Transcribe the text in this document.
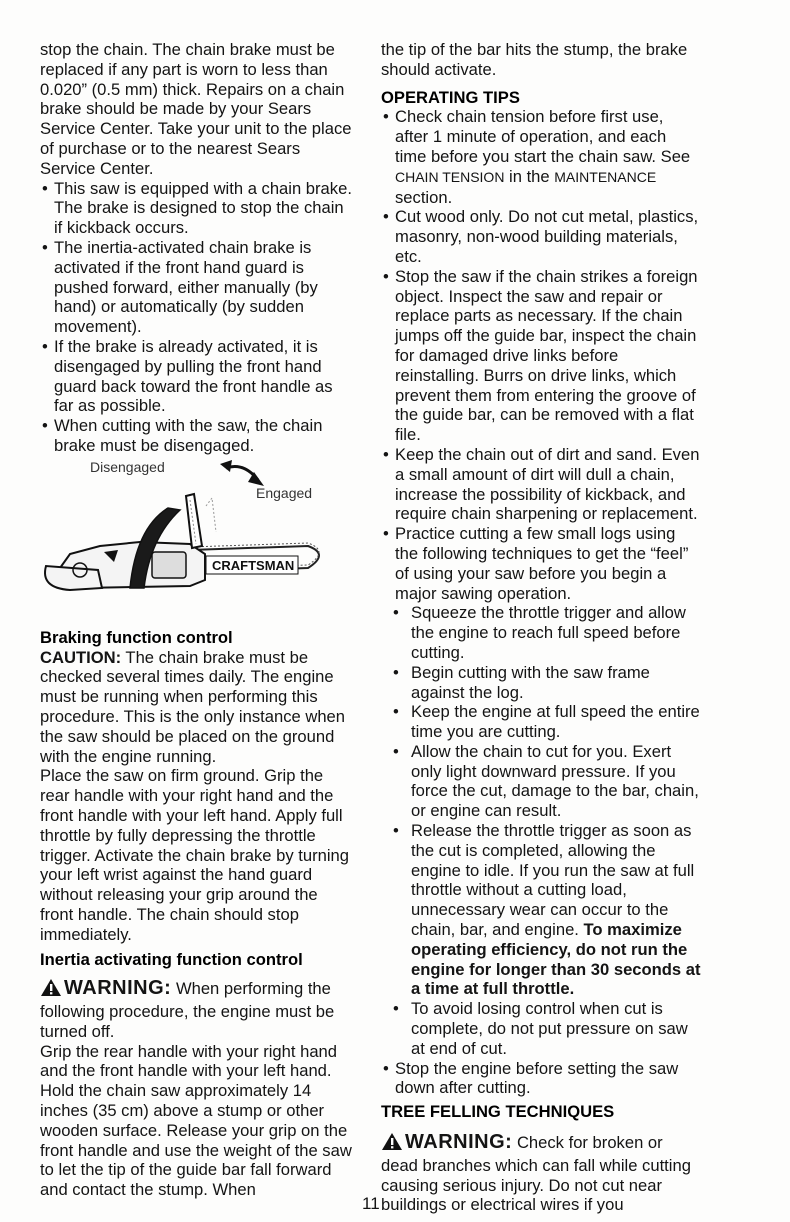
stop the chain. The chain brake must be replaced if any part is worn to less than 0.020” (0.5 mm) thick. Repairs on a chain brake should be made by your Sears Service Center. Take your unit to the place of purchase or to the nearest Sears Service Center.

• This saw is equipped with a chain brake. The brake is designed to stop the chain if kickback occurs.
• The inertia-activated chain brake is activated if the front hand guard is pushed forward, either manually (by hand) or automatically (by sudden movement).
• If the brake is already activated, it is disengaged by pulling the front hand guard back toward the front handle as far as possible.
• When cutting with the saw, the chain brake must be disengaged.
Disengaged
Engaged
CRAFTSMAN

Braking function control

CAUTION: The chain brake must be checked several times daily. The engine must be running when performing this procedure. This is the only instance when the saw should be placed on the ground with the engine running.

Place the saw on firm ground. Grip the rear handle with your right hand and the front handle with your left hand. Apply full throttle by fully depressing the throttle trigger. Activate the chain brake by turning your left wrist against the hand guard without releasing your grip around the front handle. The chain should stop immediately.

Inertia activating function control

WARNING: When performing the following procedure, the engine must be turned off.

Grip the rear handle with your right hand and the front handle with your left hand. Hold the chain saw approximately 14 inches (35 cm) above a stump or other wooden surface. Release your grip on the front handle and use the weight of the saw to let the tip of the guide bar fall forward and contact the stump. When

the tip of the bar hits the stump, the brake should activate.

OPERATING TIPS

• Check chain tension before first use, after 1 minute of operation, and each time before you start the chain saw. See CHAIN TENSION in the MAINTENANCE section.
• Cut wood only. Do not cut metal, plastics, masonry, non-wood building materials, etc.
• Stop the saw if the chain strikes a foreign object. Inspect the saw and repair or replace parts as necessary. If the chain jumps off the guide bar, inspect the chain for damaged drive links before reinstalling. Burrs on drive links, which prevent them from entering the groove of the guide bar, can be removed with a flat file.
• Keep the chain out of dirt and sand. Even a small amount of dirt will dull a chain, increase the possibility of kickback, and require chain sharpening or replacement.
• Practice cutting a few small logs using the following techniques to get the “feel” of using your saw before you begin a major sawing operation.
• Squeeze the throttle trigger and allow the engine to reach full speed before cutting.
• Begin cutting with the saw frame against the log.
• Keep the engine at full speed the entire time you are cutting.
• Allow the chain to cut for you. Exert only light downward pressure. If you force the cut, damage to the bar, chain, or engine can result.
• Release the throttle trigger as soon as the cut is completed, allowing the engine to idle. If you run the saw at full throttle without a cutting load, unnecessary wear can occur to the chain, bar, and engine. To maximize operating efficiency, do not run the engine for longer than 30 seconds at a time at full throttle.
• To avoid losing control when cut is complete, do not put pressure on saw at end of cut.
• Stop the engine before setting the saw down after cutting.

TREE FELLING TECHNIQUES

WARNING: Check for broken or dead branches which can fall while cutting causing serious injury. Do not cut near buildings or electrical wires if you

11
